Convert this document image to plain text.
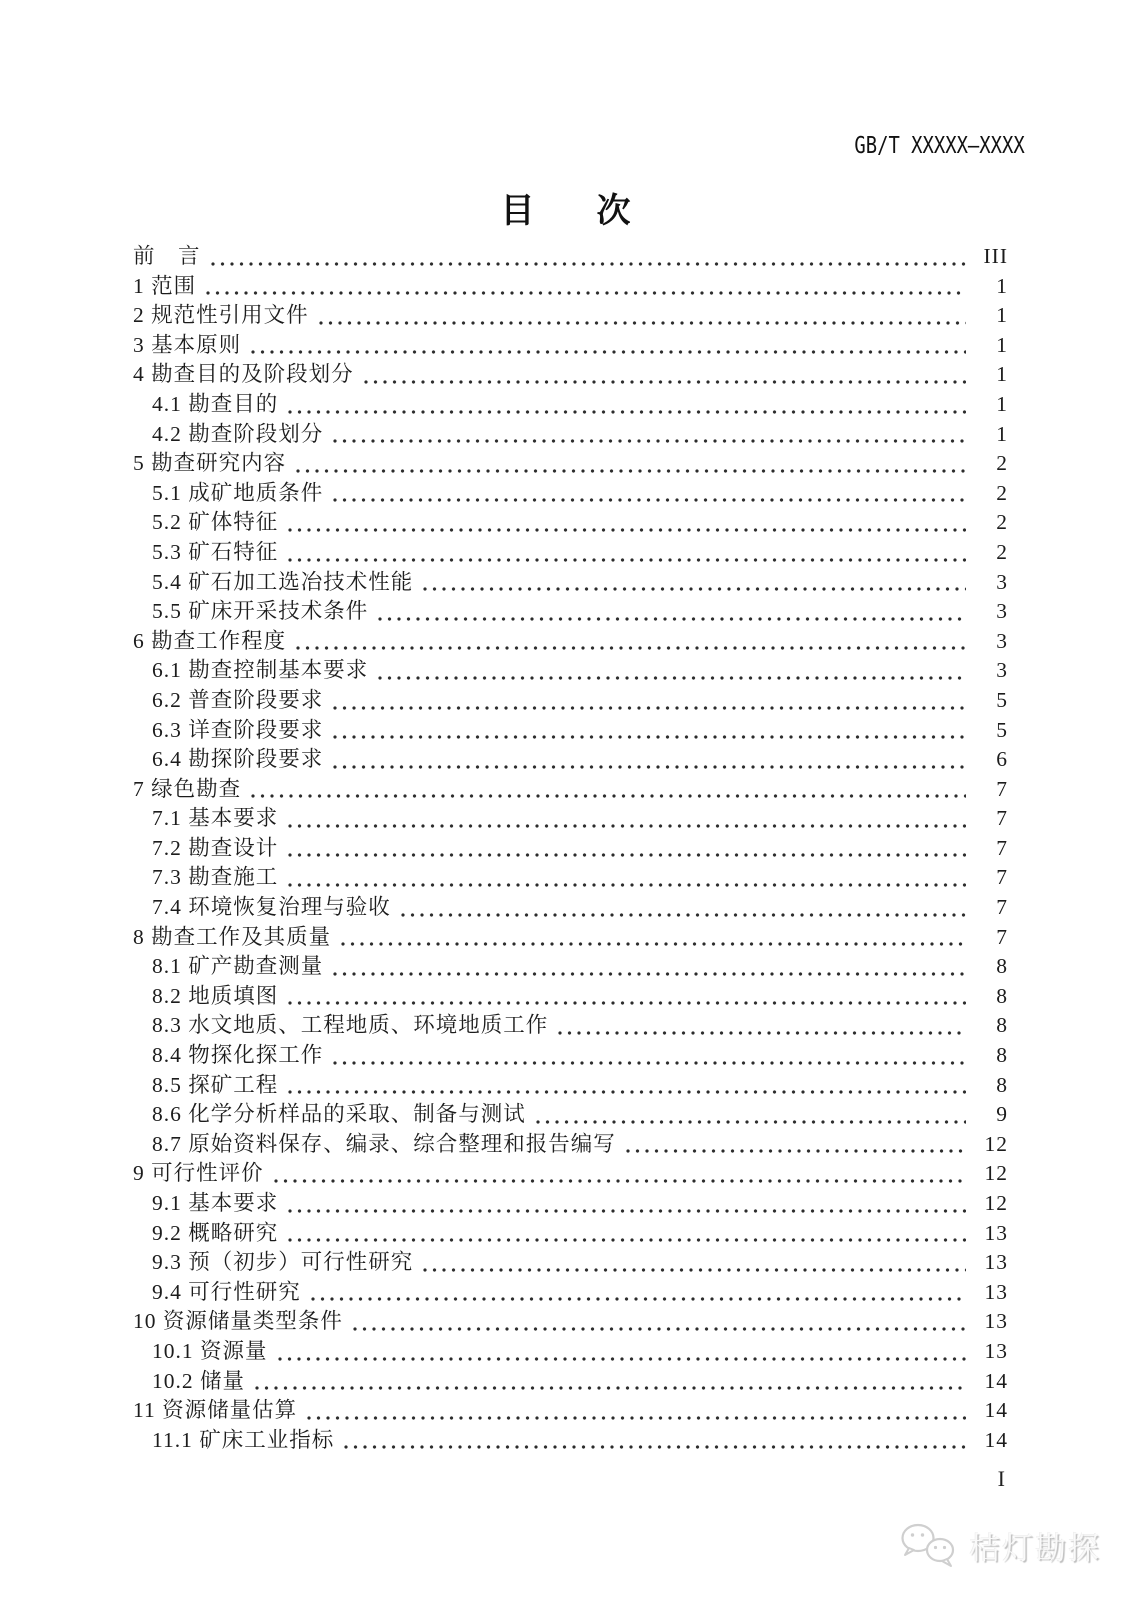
GB/T XXXXX—XXXX
目　次
前　言	III
1 范围	1
2 规范性引用文件	1
3 基本原则	1
4 勘查目的及阶段划分	1
4.1 勘查目的	1
4.2 勘查阶段划分	1
5 勘查研究内容	2
5.1 成矿地质条件	2
5.2 矿体特征	2
5.3 矿石特征	2
5.4 矿石加工选冶技术性能	3
5.5 矿床开采技术条件	3
6 勘查工作程度	3
6.1 勘查控制基本要求	3
6.2 普查阶段要求	5
6.3 详查阶段要求	5
6.4 勘探阶段要求	6
7 绿色勘查	7
7.1 基本要求	7
7.2 勘查设计	7
7.3 勘查施工	7
7.4 环境恢复治理与验收	7
8 勘查工作及其质量	7
8.1 矿产勘查测量	8
8.2 地质填图	8
8.3 水文地质、工程地质、环境地质工作	8
8.4 物探化探工作	8
8.5 探矿工程	8
8.6 化学分析样品的采取、制备与测试	9
8.7 原始资料保存、编录、综合整理和报告编写	12
9 可行性评价	12
9.1 基本要求	12
9.2 概略研究	13
9.3 预（初步）可行性研究	13
9.4 可行性研究	13
10 资源储量类型条件	13
10.1 资源量	13
10.2 储量	14
11 资源储量估算	14
11.1 矿床工业指标	14
I
桔灯勘探
